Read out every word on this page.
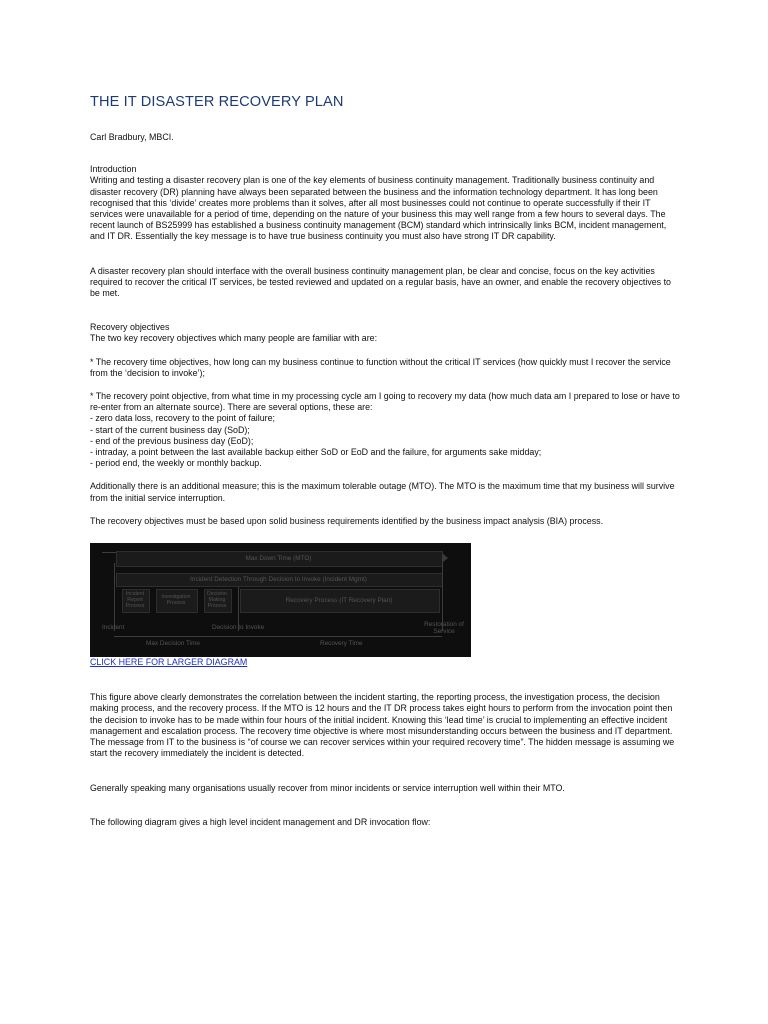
THE IT DISASTER RECOVERY PLAN

Carl Bradbury, MBCI.

Introduction

Writing and testing a disaster recovery plan is one of the key elements of business continuity management. Traditionally business continuity and disaster recovery (DR) planning have always been separated between the business and the information technology department. It has long been recognised that this ‘divide’ creates more problems than it solves, after all most businesses could not continue to operate successfully if their IT services were unavailable for a period of time, depending on the nature of your business this may well range from a few hours to several days. The recent launch of BS25999 has established a business continuity management (BCM) standard which intrinsically links BCM, incident management, and IT DR. Essentially the key message is to have true business continuity you must also have strong IT DR capability.

A disaster recovery plan should interface with the overall business continuity management plan, be clear and concise, focus on the key activities required to recover the critical IT services, be tested reviewed and updated on a regular basis, have an owner, and enable the recovery objectives to be met.

Recovery objectives

The two key recovery objectives which many people are familiar with are:

* The recovery time objectives, how long can my business continue to function without the critical IT services (how quickly must I recover the service from the ‘decision to invoke’);

* The recovery point objective, from what time in my processing cycle am I going to recovery my data (how much data am I prepared to lose or have to re-enter from an alternate source). There are several options, these are:

- zero data loss, recovery to the point of failure;
- start of the current business day (SoD);
- end of the previous business day (EoD);
- intraday, a point between the last available backup either SoD or EoD and the failure, for arguments sake midday;
- period end, the weekly or monthly backup.

Additionally there is an additional measure; this is the maximum tolerable outage (MTO). The MTO is the maximum time that my business will survive from the initial service interruption.

The recovery objectives must be based upon solid business requirements identified by the business impact analysis (BIA) process.

Max Down Time (MTO)
Incident Detection Through Decision to Invoke (Incident Mgmt)
Incident Report Process
Investigation Process
Decision Making Process
Recovery Process (IT Recovery Plan)
Incident	Decision to Invoke	Restoration of Service
Max Decision Time	Recovery Time
CLICK HERE FOR LARGER DIAGRAM

This figure above clearly demonstrates the correlation between the incident starting, the reporting process, the investigation process, the decision making process, and the recovery process. If the MTO is 12 hours and the IT DR process takes eight hours to perform from the invocation point then the decision to invoke has to be made within four hours of the initial incident. Knowing this ‘lead time’ is crucial to implementing an effective incident management and escalation process. The recovery time objective is where most misunderstanding occurs between the business and IT department. The message from IT to the business is “of course we can recover services within your required recovery time”. The hidden message is assuming we start the recovery immediately the incident is detected.

Generally speaking many organisations usually recover from minor incidents or service interruption well within their MTO.

The following diagram gives a high level incident management and DR invocation flow:
